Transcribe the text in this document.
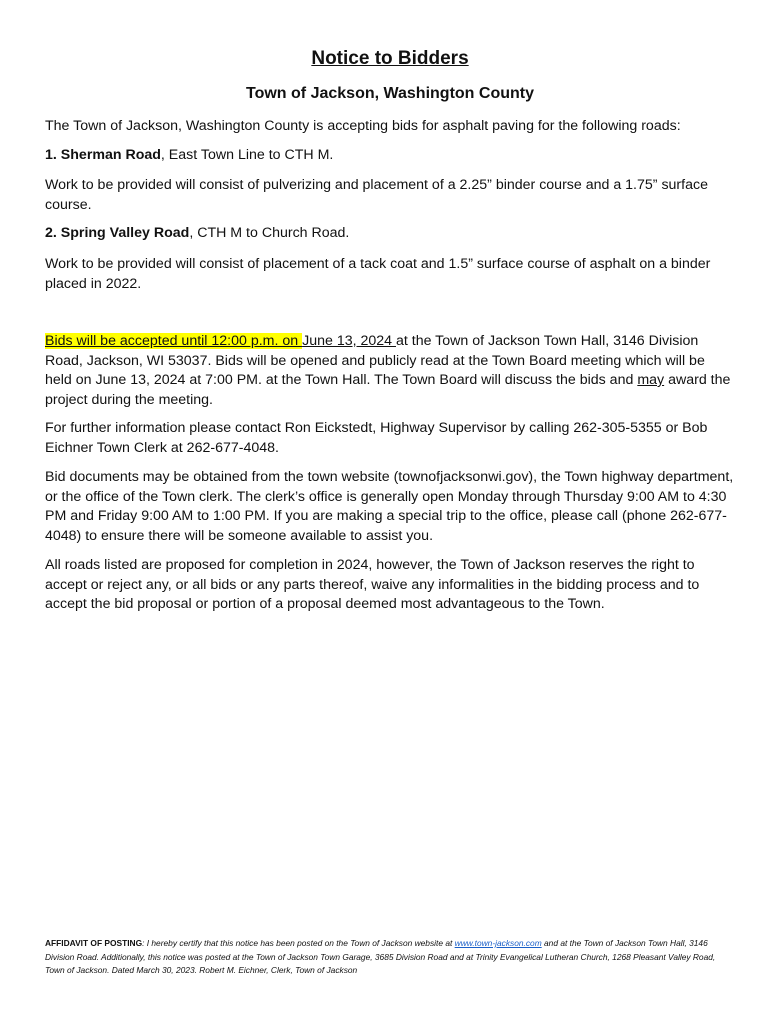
Notice to Bidders
Town of Jackson, Washington County
The Town of Jackson, Washington County is accepting bids for asphalt paving for the following roads:
1. Sherman Road, East Town Line to CTH M.
Work to be provided will consist of pulverizing and placement of a 2.25” binder course and a 1.75” surface course.
2. Spring Valley Road, CTH M to Church Road.
Work to be provided will consist of placement of a tack coat and 1.5” surface course of asphalt on a binder placed in 2022.
Bids will be accepted until 12:00 p.m. on June 13, 2024 at the Town of Jackson Town Hall, 3146 Division Road, Jackson, WI 53037. Bids will be opened and publicly read at the Town Board meeting which will be held on June 13, 2024 at 7:00 PM. at the Town Hall. The Town Board will discuss the bids and may award the project during the meeting.
For further information please contact Ron Eickstedt, Highway Supervisor by calling 262-305-5355 or Bob Eichner Town Clerk at 262-677-4048.
Bid documents may be obtained from the town website (townofjacksonwi.gov), the Town highway department, or the office of the Town clerk. The clerk’s office is generally open Monday through Thursday 9:00 AM to 4:30 PM and Friday 9:00 AM to 1:00 PM. If you are making a special trip to the office, please call (phone 262-677-4048) to ensure there will be someone available to assist you.
All roads listed are proposed for completion in 2024, however, the Town of Jackson reserves the right to accept or reject any, or all bids or any parts thereof, waive any informalities in the bidding process and to accept the bid proposal or portion of a proposal deemed most advantageous to the Town.
AFFIDAVIT OF POSTING: I hereby certify that this notice has been posted on the Town of Jackson website at www.town-jackson.com and at the Town of Jackson Town Hall, 3146 Division Road. Additionally, this notice was posted at the Town of Jackson Town Garage, 3685 Division Road and at Trinity Evangelical Lutheran Church, 1268 Pleasant Valley Road, Town of Jackson. Dated March 30, 2023. Robert M. Eichner, Clerk, Town of Jackson
